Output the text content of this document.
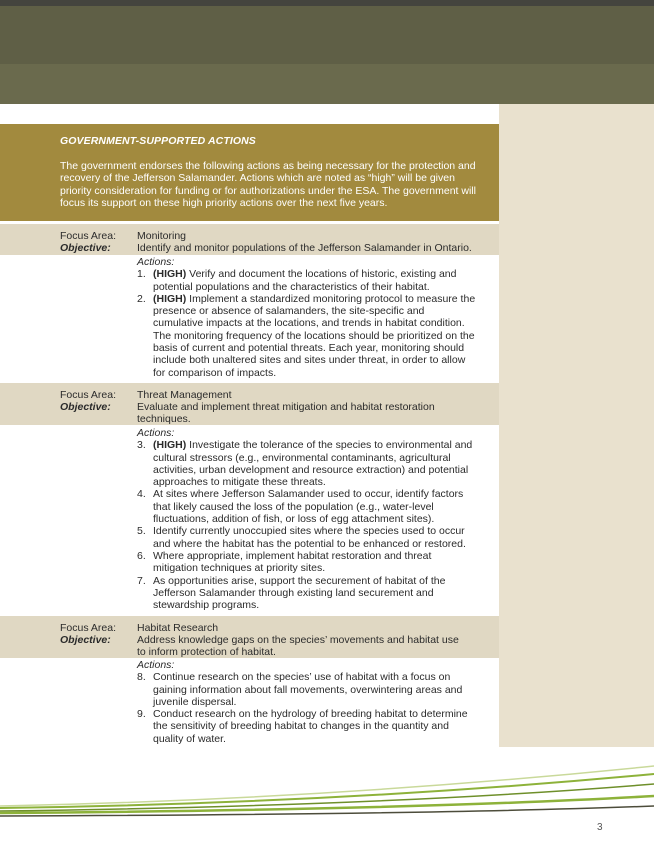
GOVERNMENT-SUPPORTED ACTIONS
The government endorses the following actions as being necessary for the protection and recovery of the Jefferson Salamander. Actions which are noted as “high” will be given priority consideration for funding or for authorizations under the ESA. The government will focus its support on these high priority actions over the next five years.
Focus Area:
Objective:
Monitoring
Identify and monitor populations of the Jefferson Salamander in Ontario.
Actions:
1. (HIGH) Verify and document the locations of historic, existing and potential populations and the characteristics of their habitat.
2. (HIGH) Implement a standardized monitoring protocol to measure the presence or absence of salamanders, the site-specific and cumulative impacts at the locations, and trends in habitat condition. The monitoring frequency of the locations should be prioritized on the basis of current and potential threats. Each year, monitoring should include both unaltered sites and sites under threat, in order to allow for comparison of impacts.
Focus Area:
Objective:
Threat Management
Evaluate and implement threat mitigation and habitat restoration techniques.
Actions:
3. (HIGH) Investigate the tolerance of the species to environmental and cultural stressors (e.g., environmental contaminants, agricultural activities, urban development and resource extraction) and potential approaches to mitigate these threats.
4. At sites where Jefferson Salamander used to occur, identify factors that likely caused the loss of the population (e.g., water-level fluctuations, addition of fish, or loss of egg attachment sites).
5. Identify currently unoccupied sites where the species used to occur and where the habitat has the potential to be enhanced or restored.
6. Where appropriate, implement habitat restoration and threat mitigation techniques at priority sites.
7. As opportunities arise, support the securement of habitat of the Jefferson Salamander through existing land securement and stewardship programs.
Focus Area:
Objective:
Habitat Research
Address knowledge gaps on the species’ movements and habitat use to inform protection of habitat.
Actions:
8. Continue research on the species’ use of habitat with a focus on gaining information about fall movements, overwintering areas and juvenile dispersal.
9. Conduct research on the hydrology of breeding habitat to determine the sensitivity of breeding habitat to changes in the quantity and quality of water.
3
